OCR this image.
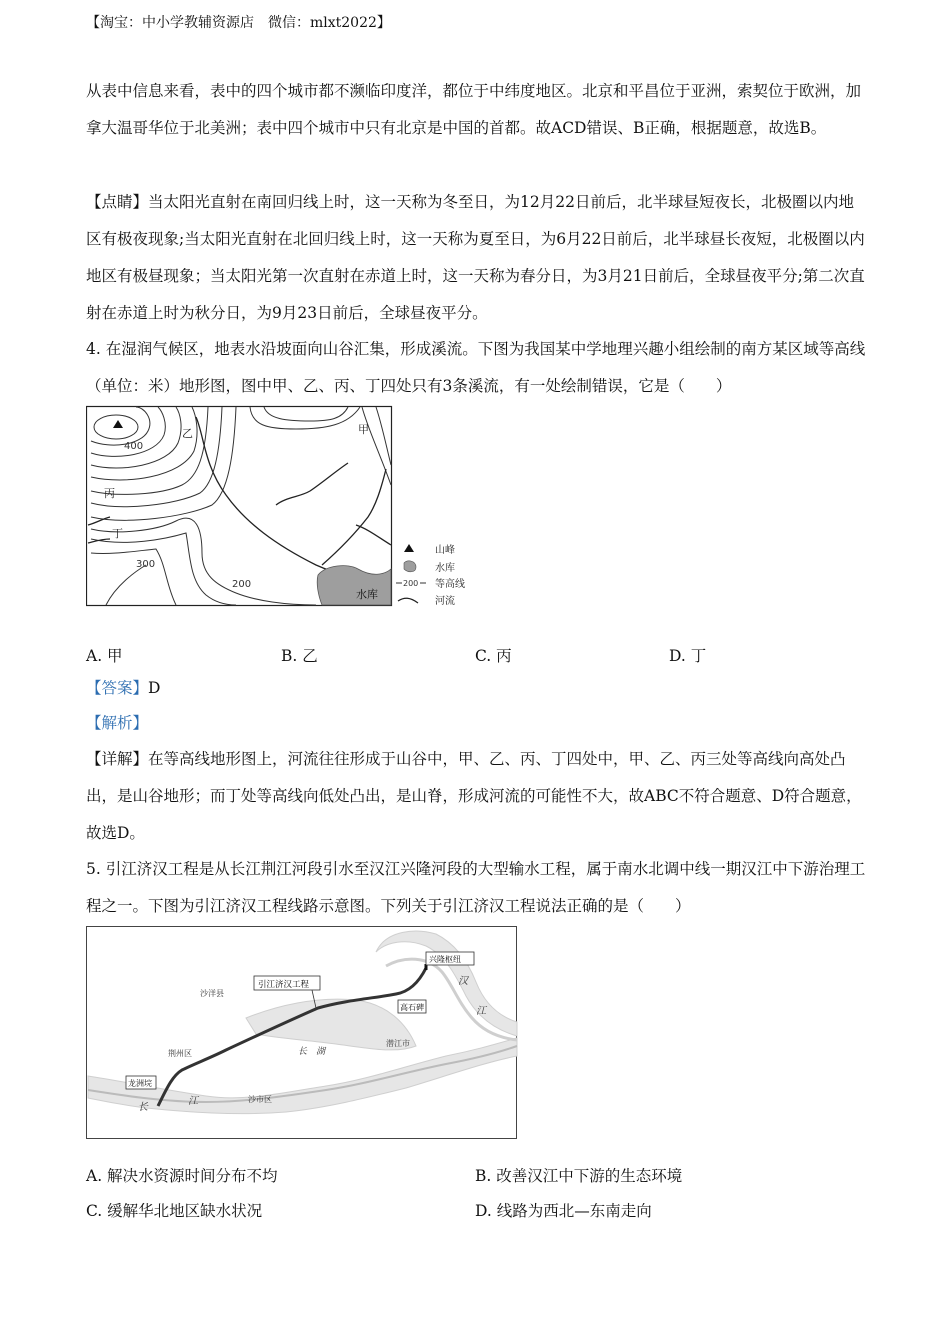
【淘宝：中小学教辅资源店　微信：mlxt2022】
从表中信息来看，表中的四个城市都不濒临印度洋，都位于中纬度地区。北京和平昌位于亚洲，索契位于欧洲，加拿大温哥华位于北美洲；表中四个城市中只有北京是中国的首都。故ACD错误、B正确，根据题意，故选B。
【点睛】当太阳光直射在南回归线上时，这一天称为冬至日，为12月22日前后，北半球昼短夜长，北极圈以内地区有极夜现象;当太阳光直射在北回归线上时，这一天称为夏至日，为6月22日前后，北半球昼长夜短，北极圈以内地区有极昼现象；当太阳光第一次直射在赤道上时，这一天称为春分日，为3月21日前后，全球昼夜平分;第二次直射在赤道上时为秋分日，为9月23日前后，全球昼夜平分。
4. 在湿润气候区，地表水沿坡面向山谷汇集，形成溪流。下图为我国某中学地理兴趣小组绘制的南方某区域等高线（单位：米）地形图，图中甲、乙、丙、丁四处只有3条溪流，有一处绘制错误，它是（　　）
400
300
200
乙	甲
丙
丁
水库
山峰
水库
200 等高线
河流
A. 甲	B. 乙	C. 丙	D. 丁
【答案】D
【解析】
【详解】在等高线地形图上，河流往往形成于山谷中，甲、乙、丙、丁四处中，甲、乙、丙三处等高线向高处凸出，是山谷地形；而丁处等高线向低处凸出，是山脊，形成河流的可能性不大，故ABC不符合题意、D符合题意，故选D。
5. 引江济汉工程是从长江荆江河段引水至汉江兴隆河段的大型输水工程，属于南水北调中线一期汉江中下游治理工程之一。下图为引江济汉工程线路示意图。下列关于引江济汉工程说法正确的是（　　）
沙洋县
引江济汉工程
兴隆枢纽
汉
江
高石碑
潜江市
长　湖
荆州区
龙洲垸
长
江	沙市区
A. 解决水资源时间分布不均	B. 改善汉江中下游的生态环境
C. 缓解华北地区缺水状况	D. 线路为西北—东南走向
